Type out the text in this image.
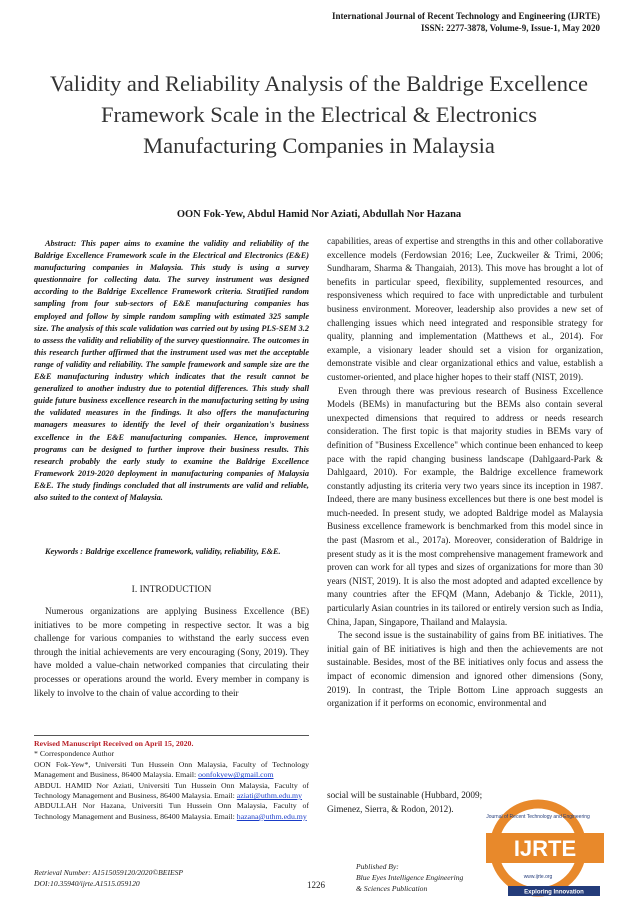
International Journal of Recent Technology and Engineering (IJRTE)
ISSN: 2277-3878, Volume-9, Issue-1, May 2020
Validity and Reliability Analysis of the Baldrige Excellence Framework Scale in the Electrical & Electronics Manufacturing Companies in Malaysia
OON Fok-Yew, Abdul Hamid Nor Aziati, Abdullah Nor Hazana

Abstract: This paper aims to examine the validity and reliability of the Baldrige Excellence Framework scale in the Electrical and Electronics (E&E) manufacturing companies in Malaysia. This study is using a survey questionnaire for collecting data. The survey instrument was designed according to the Baldrige Excellence Framework criteria. Stratified random sampling from four sub-sectors of E&E manufacturing companies has employed and follow by simple random sampling with estimated 325 sample size. The analysis of this scale validation was carried out by using PLS-SEM 3.2 to assess the validity and reliability of the survey questionnaire. The outcomes in this research further affirmed that the instrument used was met the acceptable range of validity and reliability. The sample framework and sample size are the E&E manufacturing industry which indicates that the result cannot be generalized to another industry due to potential differences. This study shall guide future business excellence research in the manufacturing setting by using the validated measures in the findings. It also offers the manufacturing managers measures to identify the level of their organization's business excellence in the E&E manufacturing companies. Hence, improvement programs can be designed to further improve their business results. This research probably the early study to examine the Baldrige Excellence Framework 2019-2020 deployment in manufacturing companies of Malaysia E&E. The study findings concluded that all instruments are valid and reliable, also suited to the context of Malaysia.

Keywords : Baldrige excellence framework, validity, reliability, E&E.

I. INTRODUCTION

Numerous organizations are applying Business Excellence (BE) initiatives to be more competing in respective sector. It was a big challenge for various companies to withstand the early success even through the initial achievements are very encouraging (Sony, 2019). They have molded a value-chain networked companies that circulating their processes or operations around the world. Every member in company is likely to involve to the chain of value according to their

Revised Manuscript Received on April 15, 2020.
* Correspondence Author
OON Fok-Yew*, Universiti Tun Hussein Onn Malaysia, Faculty of Technology Management and Business, 86400 Malaysia. Email: oonfokyew@gmail.com
ABDUL HAMID Nor Aziati, Universiti Tun Hussein Onn Malaysia, Faculty of Technology Management and Business, 86400 Malaysia. Email: aziati@uthm.edu.my
ABDULLAH Nor Hazana, Universiti Tun Hussein Onn Malaysia, Faculty of Technology Management and Business, 86400 Malaysia. Email: hazana@uthm.edu.my

capabilities, areas of expertise and strengths in this and other collaborative excellence models (Ferdowsian 2016; Lee, Zuckweiler & Trimi, 2006; Sundharam, Sharma & Thangaiah, 2013). This move has brought a lot of benefits in particular speed, flexibility, supplemented resources, and responsiveness which required to face with unpredictable and turbulent business environment. Moreover, leadership also provides a new set of challenging issues which need integrated and responsible strategy for quality, planning and implementation (Matthews et al., 2014). For example, a visionary leader should set a vision for organization, demonstrate visible and clear organizational ethics and value, establish a customer-oriented, and place higher hopes to their staff (NIST, 2019).

Even through there was previous research of Business Excellence Models (BEMs) in manufacturing but the BEMs also contain several unexpected dimensions that required to address or needs research consideration. The first topic is that majority studies in BEMs vary of definition of "Business Excellence" which continue been enhanced to keep pace with the rapid changing business landscape (Dahlgaard-Park & Dahlgaard, 2010). For example, the Baldrige excellence framework constantly adjusting its criteria very two years since its inception in 1987. Indeed, there are many business excellences but there is one best model is much-needed. In present study, we adopted Baldrige model as Malaysia Business excellence framework is benchmarked from this model since in the past (Masrom et al., 2017a). Moreover, consideration of Baldrige in present study as it is the most comprehensive management framework and proven can work for all types and sizes of organizations for more than 30 years (NIST, 2019). It is also the most adopted and adapted excellence by many countries after the EFQM (Mann, Adebanjo & Tickle, 2011), particularly Asian countries in its tailored or entirely version such as India, China, Japan, Singapore, Thailand and Malaysia.

The second issue is the sustainability of gains from BE initiatives. The initial gain of BE initiatives is high and then the achievements are not sustainable. Besides, most of the BE initiatives only focus and assess the impact of economic dimension and ignored other dimensions (Sony, 2019). In contrast, the Triple Bottom Line approach suggests an organization if it performs on economic, environmental and

social will be sustainable (Hubbard, 2009; Gimenez, Sierra, & Rodon, 2012).
IJRTE
Journal of Recent Technology and Engineering
www.ijrte.org
Exploring Innovation
Retrieval Number: A1515059120/2020©BEIESP
DOI:10.35940/ijrte.A1515.059120	1226
Published By:
Blue Eyes Intelligence Engineering
& Sciences Publication
